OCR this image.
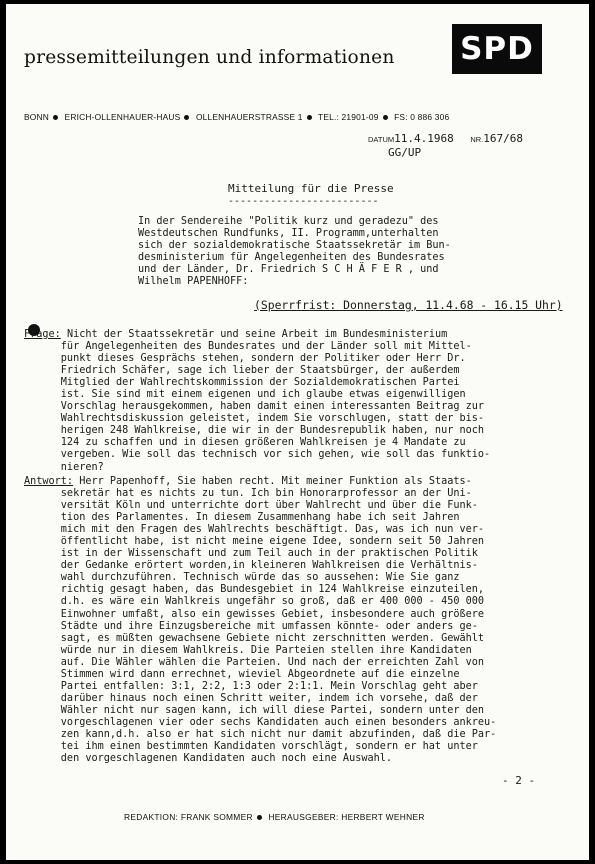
pressemitteilungen und informationen SPD
BONN ERICH-OLLENHAUER-HAUS OLLENHAUERSTRASSE 1 TEL.: 21901-09 FS: 0 886 306
DATUM11.4.1968 NR.167/68
GG/UP
Mitteilung für die Presse
-------------------------
In der Sendereihe "Politik kurz und geradezu" des
Westdeutschen Rundfunks, II. Programm,unterhalten
sich der sozialdemokratische Staatssekretär im Bun-
desministerium für Angelegenheiten des Bundesrates
und der Länder, Dr. Friedrich S C H Ä F E R , und
Wilhelm PAPENHOFF:
(Sperrfrist: Donnerstag, 11.4.68 - 16.15 Uhr)
Frage: Nicht der Staatssekretär und seine Arbeit im Bundesministerium
für Angelegenheiten des Bundesrates und der Länder soll mit Mittel-
punkt dieses Gesprächs stehen, sondern der Politiker oder Herr Dr.
Friedrich Schäfer, sage ich lieber der Staatsbürger, der außerdem
Mitglied der Wahlrechtskommission der Sozialdemokratischen Partei
ist. Sie sind mit einem eigenen und ich glaube etwas eigenwilligen
Vorschlag herausgekommen, haben damit einen interessanten Beitrag zur
Wahlrechtsdiskussion geleistet, indem Sie vorschlugen, statt der bis-
herigen 248 Wahlkreise, die wir in der Bundesrepublik haben, nur noch
124 zu schaffen und in diesen größeren Wahlkreisen je 4 Mandate zu
vergeben. Wie soll das technisch vor sich gehen, wie soll das funktio-
nieren?
Antwort: Herr Papenhoff, Sie haben recht. Mit meiner Funktion als Staats-
sekretär hat es nichts zu tun. Ich bin Honorarprofessor an der Uni-
versität Köln und unterrichte dort über Wahlrecht und über die Funk-
tion des Parlamentes. In diesem Zusammenhang habe ich seit Jahren
mich mit den Fragen des Wahlrechts beschäftigt. Das, was ich nun ver-
öffentlicht habe, ist nicht meine eigene Idee, sondern seit 50 Jahren
ist in der Wissenschaft und zum Teil auch in der praktischen Politik
der Gedanke erörtert worden,in kleineren Wahlkreisen die Verhältnis-
wahl durchzuführen. Technisch würde das so aussehen: Wie Sie ganz
richtig gesagt haben, das Bundesgebiet in 124 Wahlkreise einzuteilen,
d.h. es wäre ein Wahlkreis ungefähr so groß, daß er 400 000 - 450 000
Einwohner umfaßt, also ein gewisses Gebiet, insbesondere auch größere
Städte und ihre Einzugsbereiche mit umfassen könnte- oder anders ge-
sagt, es müßten gewachsene Gebiete nicht zerschnitten werden. Gewählt
würde nur in diesem Wahlkreis. Die Parteien stellen ihre Kandidaten
auf. Die Wähler wählen die Parteien. Und nach der erreichten Zahl von
Stimmen wird dann errechnet, wieviel Abgeordnete auf die einzelne
Partei entfallen: 3:1, 2:2, 1:3 oder 2:1:1. Mein Vorschlag geht aber
darüber hinaus noch einen Schritt weiter, indem ich vorsehe, daß der
Wähler nicht nur sagen kann, ich will diese Partei, sondern unter den
vorgeschlagenen vier oder sechs Kandidaten auch einen besonders ankreu-
zen kann,d.h. also er hat sich nicht nur damit abzufinden, daß die Par-
tei ihm einen bestimmten Kandidaten vorschlägt, sondern er hat unter
den vorgeschlagenen Kandidaten auch noch eine Auswahl.
- 2 -
REDAKTION: FRANK SOMMER HERAUSGEBER: HERBERT WEHNER
